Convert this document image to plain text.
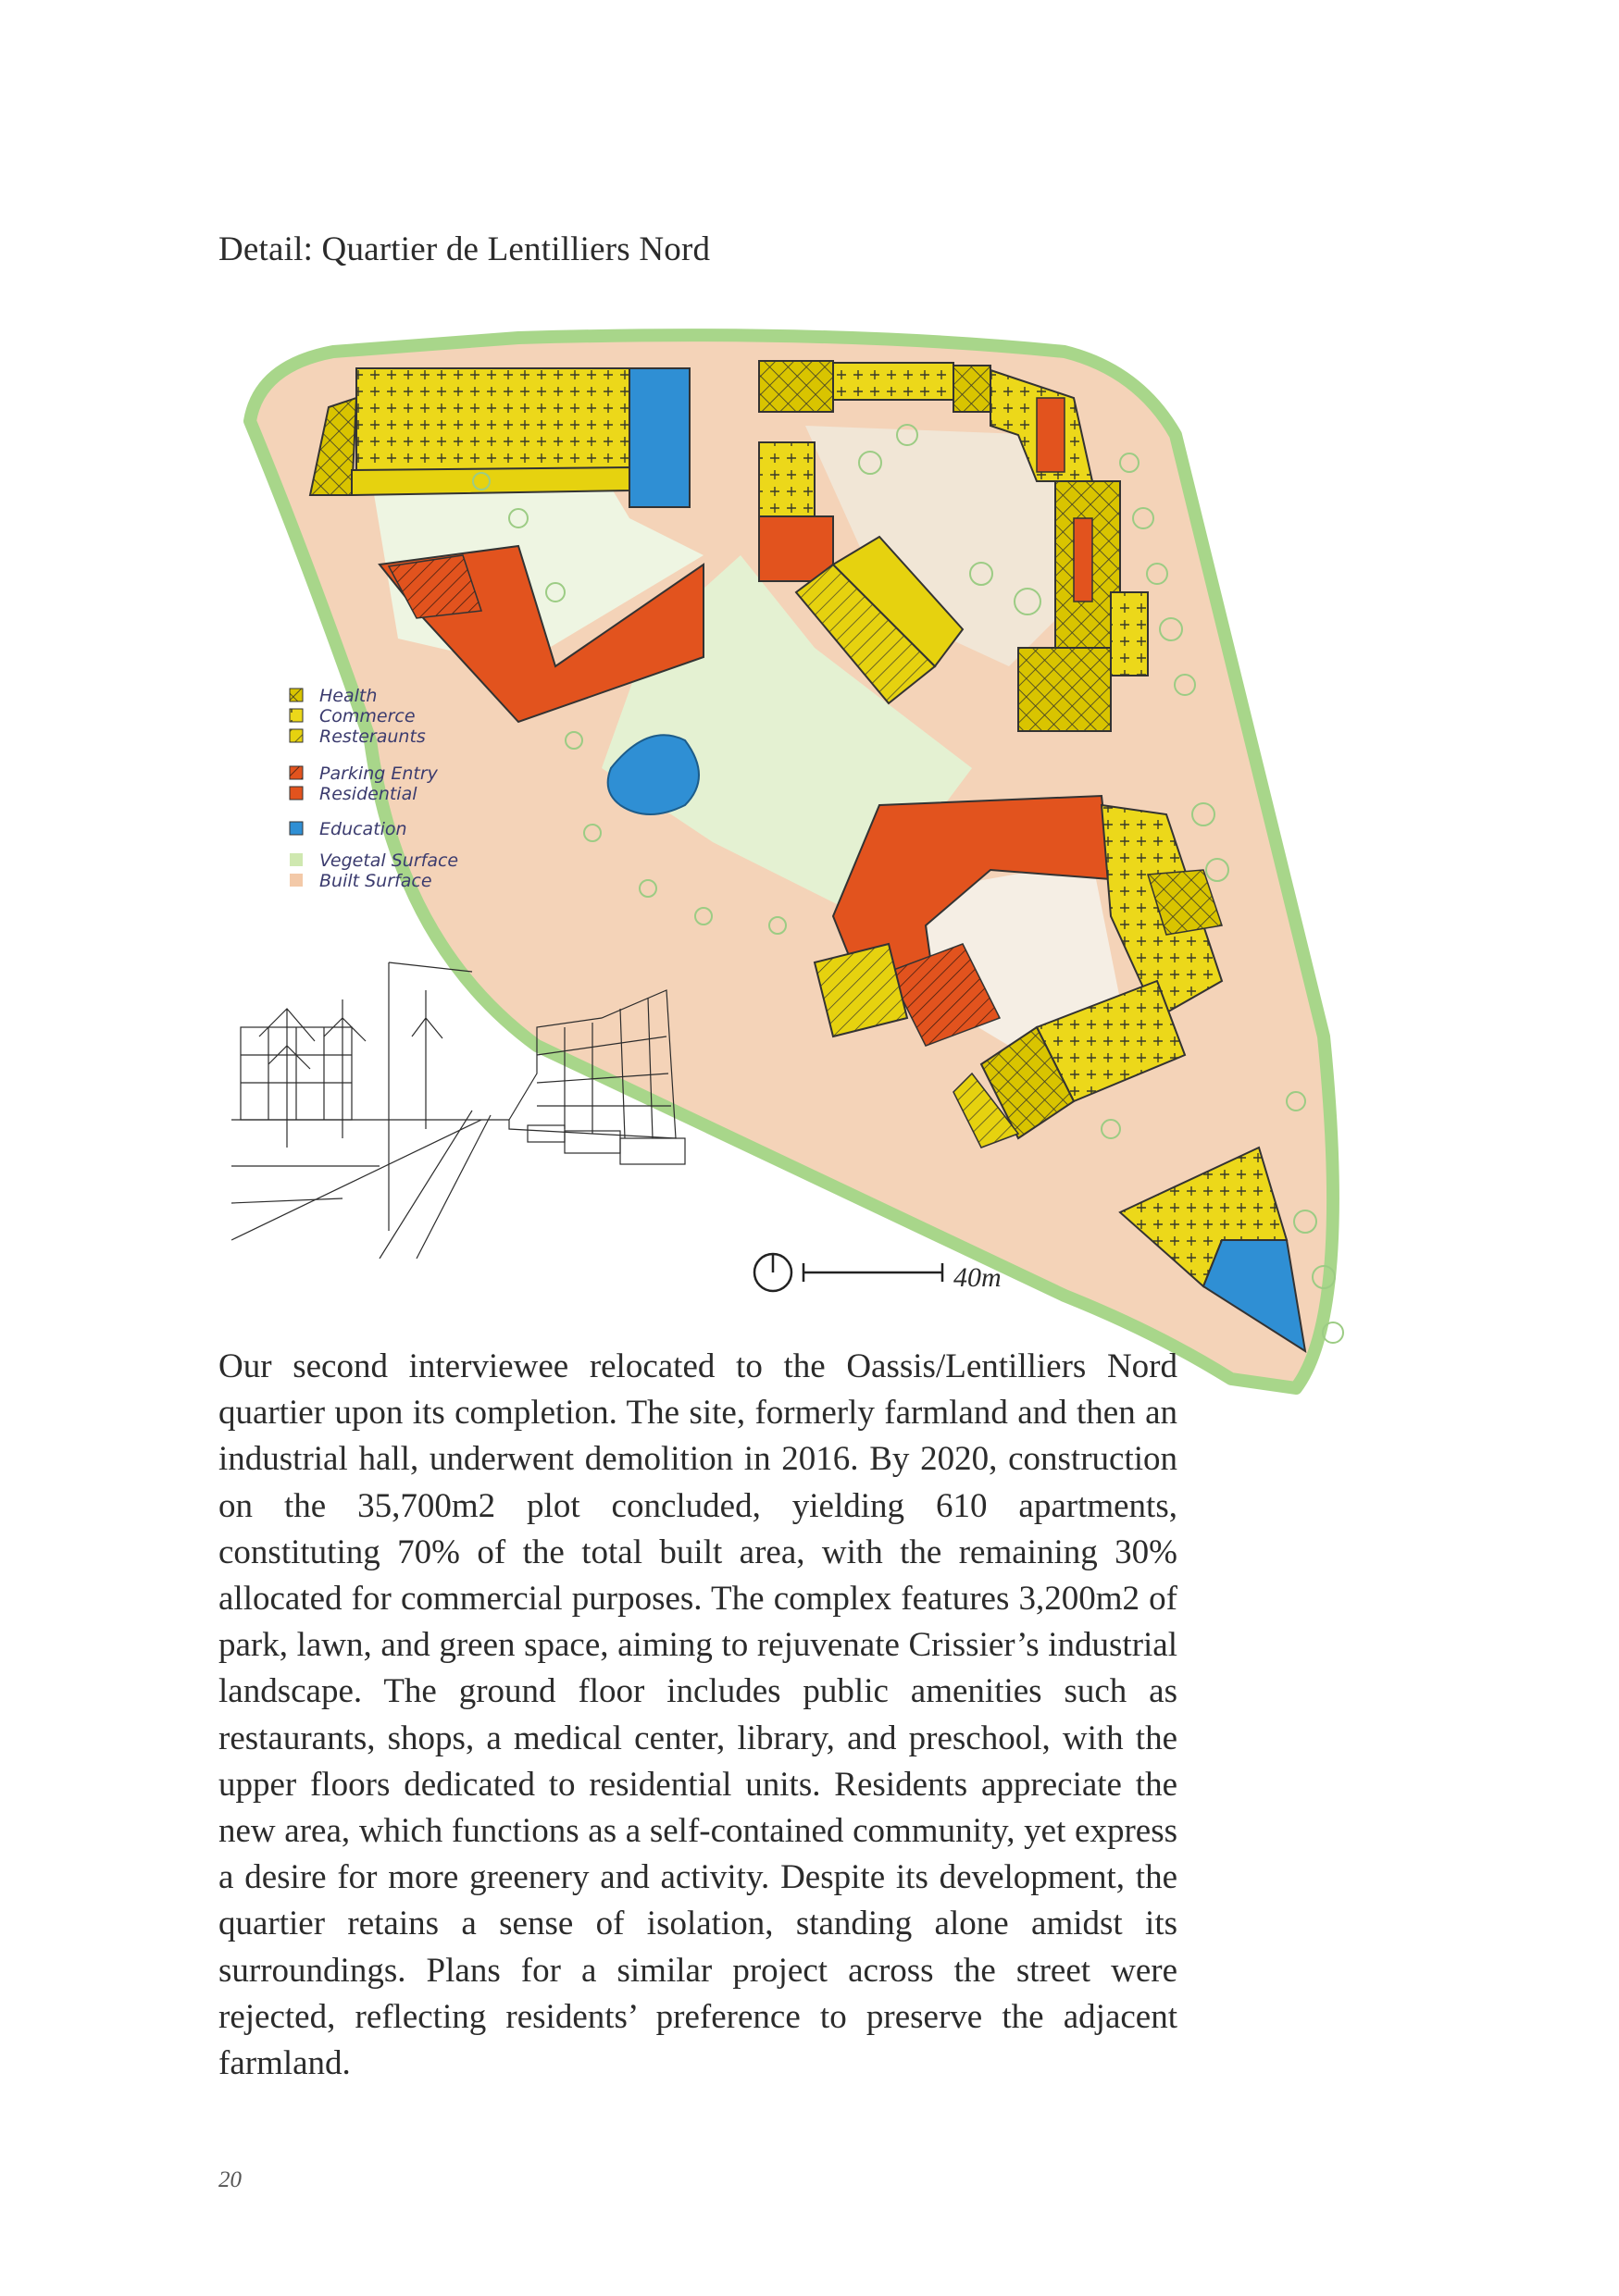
Detail: Quartier de Lentilliers Nord
Health
Commerce
Resteraunts
Parking Entry
Residential
Education
Vegetal Surface
Built Surface
40m

Our second interviewee relocated to the Oassis/Lentilliers Nord quartier upon its completion. The site, formerly farmland and then an industrial hall, underwent demolition in 2016. By 2020, construction on the 35,700m2 plot concluded, yielding 610 apartments, constituting 70% of the total built area, with the remaining 30% allocated for commercial purposes. The complex features 3,200m2 of park, lawn, and green space, aiming to rejuvenate Crissier’s industrial landscape. The ground floor includes public amenities such as restaurants, shops, a medical center, library, and preschool, with the upper floors dedicated to residential units. Residents appreciate the new area, which functions as a self-contained community, yet express a desire for more greenery and activity. Despite its development, the quartier retains a sense of isolation, standing alone amidst its surroundings. Plans for a similar project across the street were rejected, reflecting residents’ preference to preserve the adjacent farmland.

20
